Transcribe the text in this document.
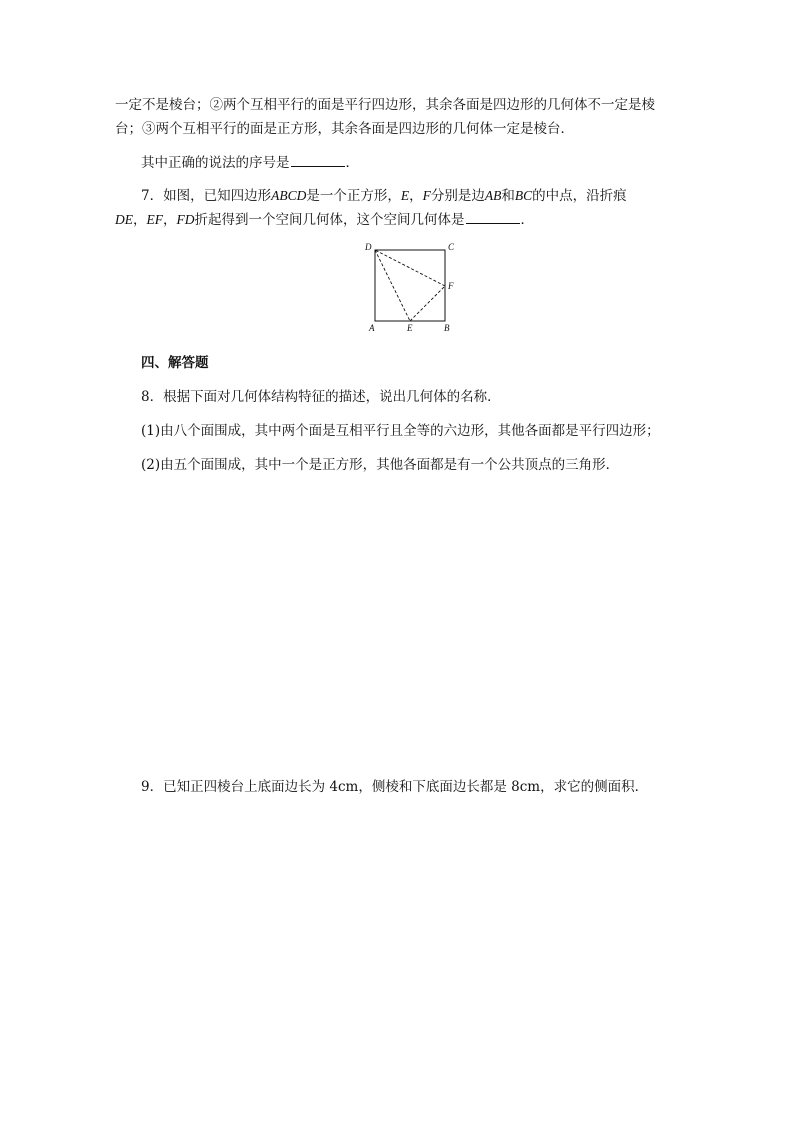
一定不是棱台；②两个互相平行的面是平行四边形，其余各面是四边形的几何体不一定是棱
台；③两个互相平行的面是正方形，其余各面是四边形的几何体一定是棱台．
其中正确的说法的序号是	．
7．如图，已知四边形ABCD是一个正方形，E，F分别是边AB和BC的中点，沿折痕
DE，EF，FD折起得到一个空间几何体，这个空间几何体是	．
D	C
F
A	E	B
四、解答题
8．根据下面对几何体结构特征的描述，说出几何体的名称．
(1)由八个面围成，其中两个面是互相平行且全等的六边形，其他各面都是平行四边形；
(2)由五个面围成，其中一个是正方形，其他各面都是有一个公共顶点的三角形．
9．已知正四棱台上底面边长为 4cm，侧棱和下底面边长都是 8cm，求它的侧面积．
